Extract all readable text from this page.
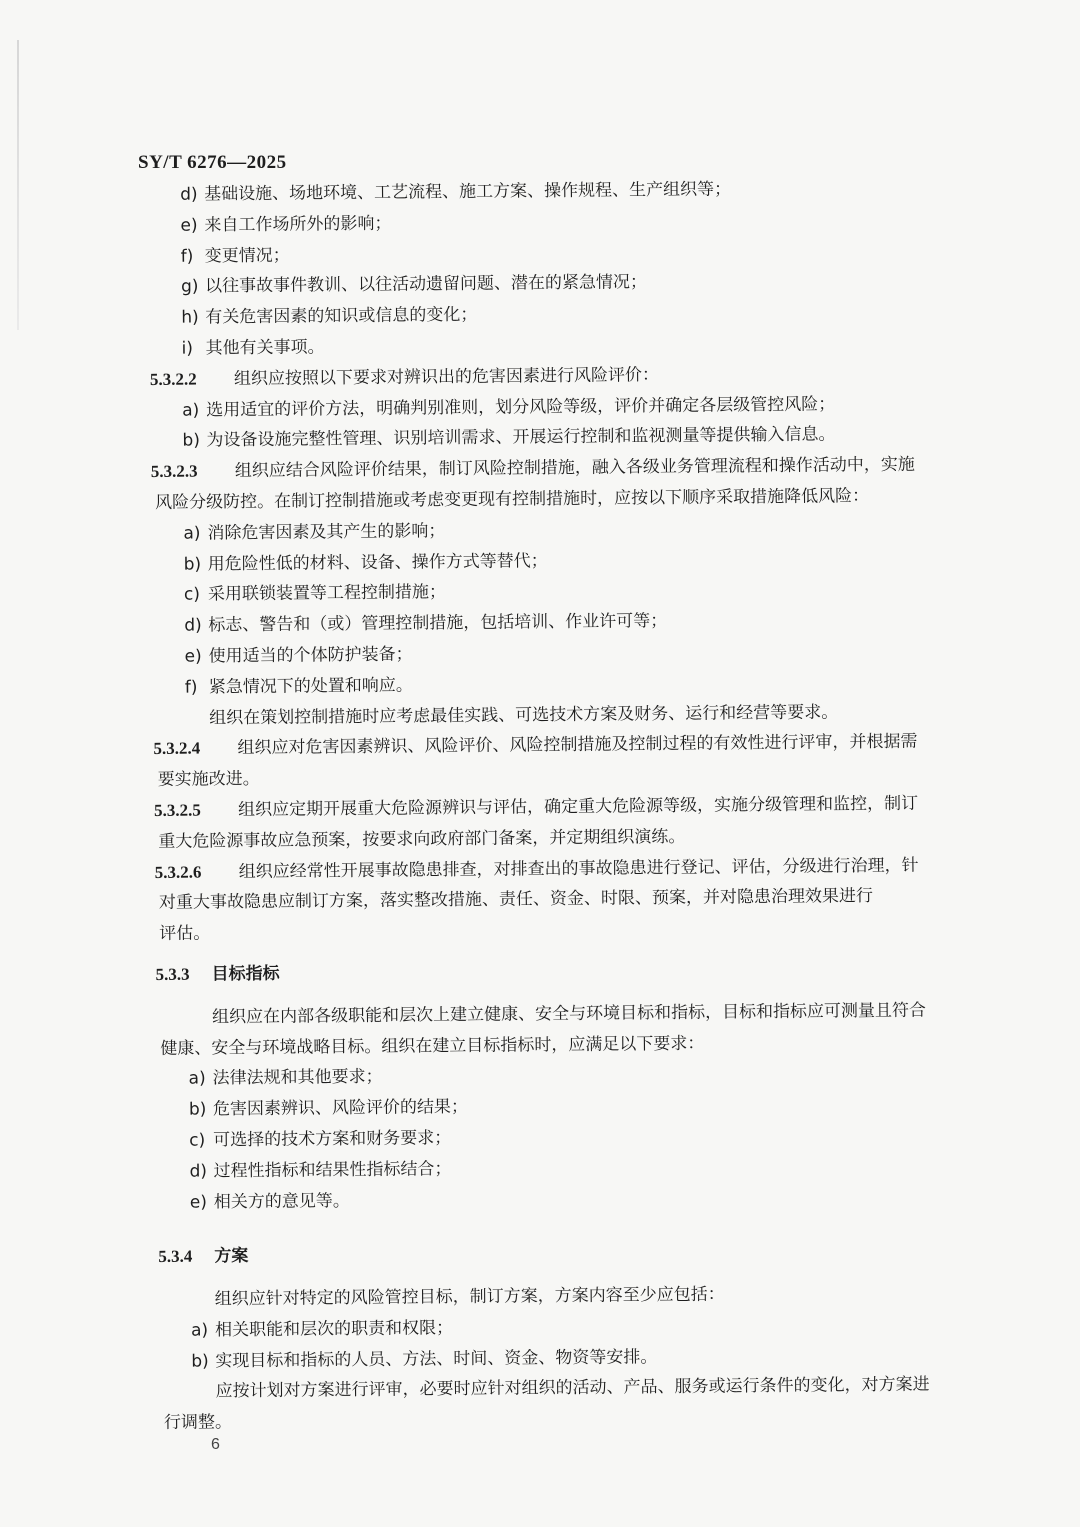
SY/T 6276—2025
d) 基础设施、场地环境、工艺流程、施工方案、操作规程、生产组织等；
e) 来自工作场所外的影响；
f) 变更情况；
g) 以往事故事件教训、以往活动遗留问题、潜在的紧急情况；
h) 有关危害因素的知识或信息的变化；
i) 其他有关事项。
5.3.2.2 组织应按照以下要求对辨识出的危害因素进行风险评价：
a) 选用适宜的评价方法，明确判别准则，划分风险等级，评价并确定各层级管控风险；
b) 为设备设施完整性管理、识别培训需求、开展运行控制和监视测量等提供输入信息。
5.3.2.3 组织应结合风险评价结果，制订风险控制措施，融入各级业务管理流程和操作活动中，实施
风险分级防控。在制订控制措施或考虑变更现有控制措施时，应按以下顺序采取措施降低风险：
a) 消除危害因素及其产生的影响；
b) 用危险性低的材料、设备、操作方式等替代；
c) 采用联锁装置等工程控制措施；
d) 标志、警告和（或）管理控制措施，包括培训、作业许可等；
e) 使用适当的个体防护装备；
f) 紧急情况下的处置和响应。
组织在策划控制措施时应考虑最佳实践、可选技术方案及财务、运行和经营等要求。
5.3.2.4 组织应对危害因素辨识、风险评价、风险控制措施及控制过程的有效性进行评审，并根据需
要实施改进。
5.3.2.5 组织应定期开展重大危险源辨识与评估，确定重大危险源等级，实施分级管理和监控，制订
重大危险源事故应急预案，按要求向政府部门备案，并定期组织演练。
5.3.2.6 组织应经常性开展事故隐患排查，对排查出的事故隐患进行登记、评估，分级进行治理，针
对重大事故隐患应制订方案，落实整改措施、责任、资金、时限、预案，并对隐患治理效果进行
评估。
5.3.3 目标指标
组织应在内部各级职能和层次上建立健康、安全与环境目标和指标，目标和指标应可测量且符合
健康、安全与环境战略目标。组织在建立目标指标时，应满足以下要求：
a) 法律法规和其他要求；
b) 危害因素辨识、风险评价的结果；
c) 可选择的技术方案和财务要求；
d) 过程性指标和结果性指标结合；
e) 相关方的意见等。
5.3.4 方案
组织应针对特定的风险管控目标，制订方案，方案内容至少应包括：
a) 相关职能和层次的职责和权限；
b) 实现目标和指标的人员、方法、时间、资金、物资等安排。
应按计划对方案进行评审，必要时应针对组织的活动、产品、服务或运行条件的变化，对方案进
行调整。
6
